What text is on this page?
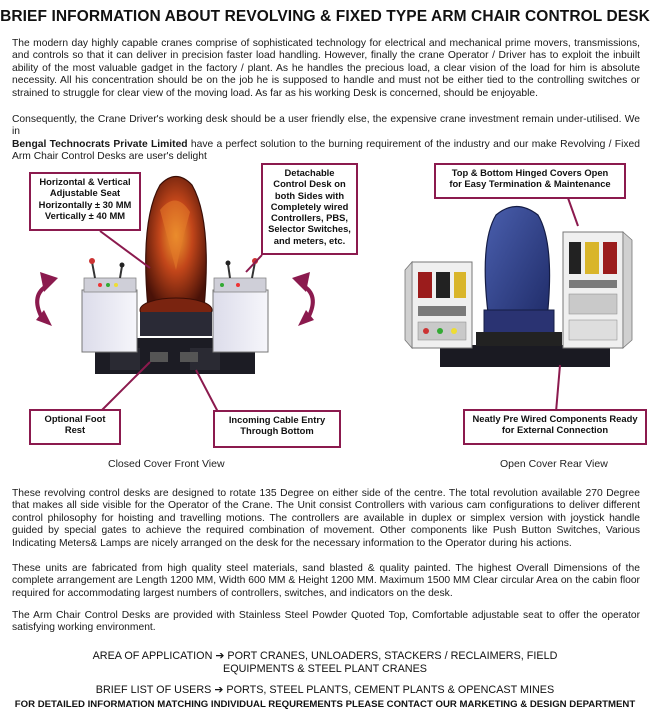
BRIEF INFORMATION ABOUT REVOLVING & FIXED TYPE ARM CHAIR CONTROL DESK
The modern day highly capable cranes comprise of sophisticated technology for electrical and mechanical prime movers, transmissions, and controls so that it can deliver in precision faster load handling. However, finally the crane Operator / Driver has to exploit the inbuilt ability of the most valuable gadget in the factory / plant. As he handles the precious load, a clear vision of the load for him is absolute necessity. All his concentration should be on the job he is supposed to handle and must not be either tied to the controlling switches or strained to struggle for clear view of the moving load. As far as his working Desk is concerned, should be enjoyable.
Consequently, the Crane Driver's working desk should be a user friendly else, the expensive crane investment remain under-utilised. We in
Bengal Technocrats Private Limited have a perfect solution to the burning requirement of the industry and our make Revolving / Fixed Arm Chair Control Desks are user's delight
Horizontal & Vertical
Adjustable Seat
Horizontally ± 30 MM
Vertically ± 40 MM
Detachable
Control Desk on
both Sides with
Completely wired
Controllers, PBS,
Selector Switches,
and meters, etc.
Top & Bottom Hinged Covers Open
for Easy Termination & Maintenance
Optional Foot
Rest
Incoming Cable Entry
Through Bottom
Neatly Pre Wired Components Ready
for External Connection
Closed Cover Front View	Open Cover Rear View
These revolving control desks are designed to rotate 135 Degree on either side of the centre. The total revolution available 270 Degree that makes all side visible for the Operator of the Crane. The Unit consist Controllers with various cam configurations to deliver different control philosophy for hoisting and travelling motions. The controllers are available in duplex or simplex version with joystick handle guided by special gates to achieve the required combination of movement. Other components like Push Button Switches, Various Indicating Meters& Lamps are nicely arranged on the desk for the necessary information to the Operator during his actions.
These units are fabricated from high quality steel materials, sand blasted & quality painted. The highest Overall Dimensions of the complete arrangement are Length 1200 MM, Width 600 MM & Height 1200 MM. Maximum 1500 MM Clear circular Area on the cabin floor required for accommodating largest numbers of controllers, switches, and indicators on the desk.
The Arm Chair Control Desks are provided with Stainless Steel Powder Quoted Top, Comfortable adjustable seat to offer the operator satisfying working environment.
AREA OF APPLICATION ➔ PORT CRANES, UNLOADERS, STACKERS / RECLAIMERS, FIELD
EQUIPMENTS & STEEL PLANT CRANES
BRIEF LIST OF USERS ➔ PORTS, STEEL PLANTS, CEMENT PLANTS & OPENCAST MINES
FOR DETAILED INFORMATION MATCHING INDIVIDUAL REQUREMENTS PLEASE CONTACT OUR MARKETING & DESIGN DEPARTMENT
